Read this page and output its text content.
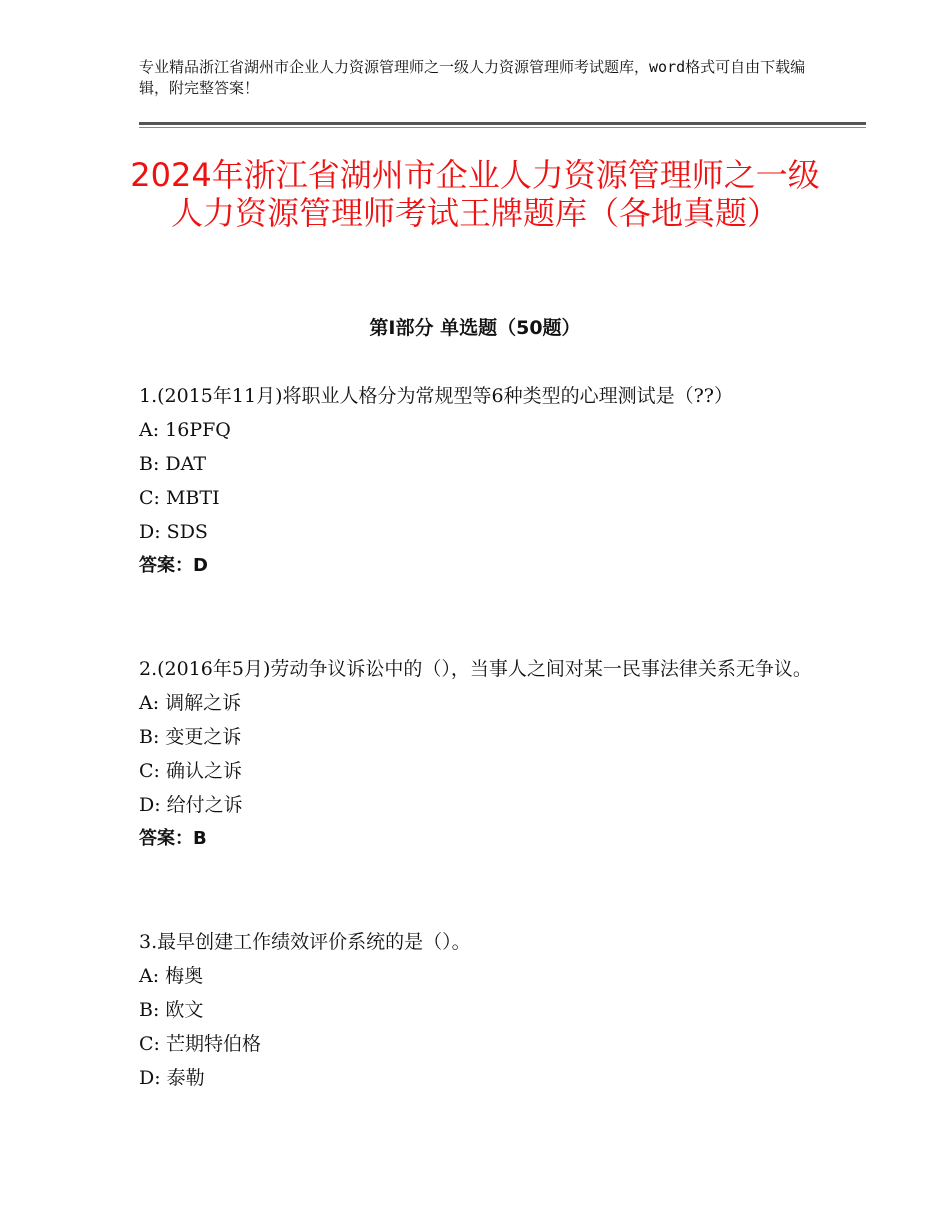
专业精品浙江省湖州市企业人力资源管理师之一级人力资源管理师考试题库，word格式可自由下载编辑，附完整答案！
2024年浙江省湖州市企业人力资源管理师之一级人力资源管理师考试王牌题库（各地真题）
第Ⅰ部分 单选题（50题）

1.(2015年11月)将职业人格分为常规型等6种类型的心理测试是（??）

A: 16PFQ

B: DAT

C: MBTI

D: SDS

答案：D

2.(2016年5月)劳动争议诉讼中的（），当事人之间对某一民事法律关系无争议。

A: 调解之诉

B: 变更之诉

C: 确认之诉

D: 给付之诉

答案：B

3.最早创建工作绩效评价系统的是（）。

A: 梅奥

B: 欧文

C: 芒期特伯格

D: 泰勒
